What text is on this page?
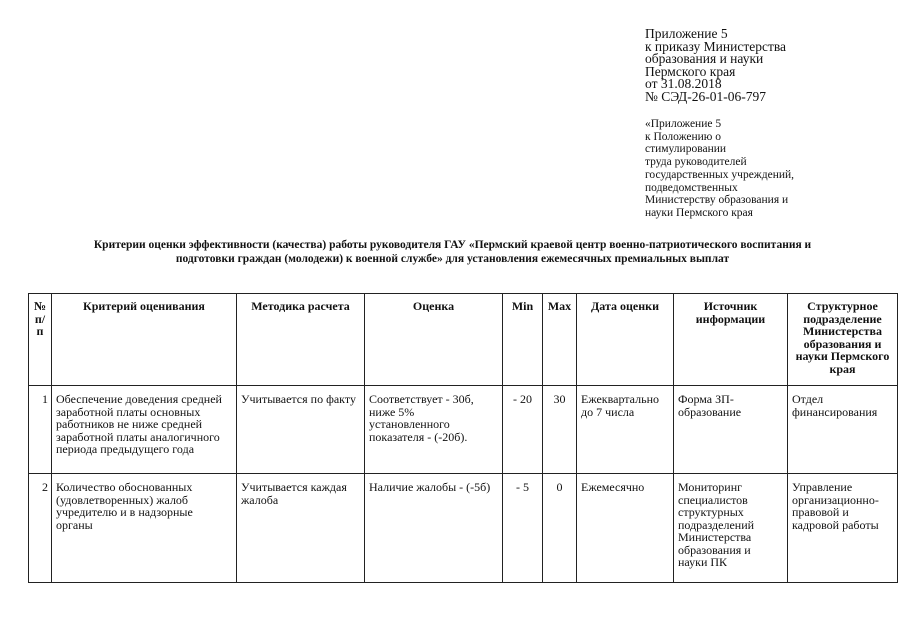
Приложение 5
к приказу Министерства
образования и науки
Пермского края
от 31.08.2018
№ СЭД-26-01-06-797
«Приложение 5
к Положению о
стимулировании
труда руководителей
государственных учреждений,
подведомственных
Министерству образования и
науки Пермского края
Критерии оценки эффективности (качества) работы руководителя ГАУ «Пермский краевой центр военно-патриотического воспитания и
подготовки граждан (молодежи) к военной службе» для установления ежемесячных премиальных выплат
№ п/п	Критерий оценивания	Методика расчета	Оценка	Min	Max	Дата оценки	Источник информации	Структурное подразделение Министерства образования и науки Пермского края
1	Обеспечение доведения средней заработной платы основных работников не ниже средней заработной платы аналогичного периода предыдущего года	Учитывается по факту	Соответствует - 30б, ниже 5% установленного показателя - (-20б).	- 20	30	Ежеквартально до 7 числа	Форма ЗП-образование	Отдел финансирования
2	Количество обоснованных (удовлетворенных) жалоб учредителю и в надзорные органы	Учитывается каждая жалоба	Наличие жалобы - (-5б)	- 5	0	Ежемесячно	Мониторинг специалистов структурных подразделений Министерства образования и науки ПК	Управление организационно-правовой и кадровой работы
